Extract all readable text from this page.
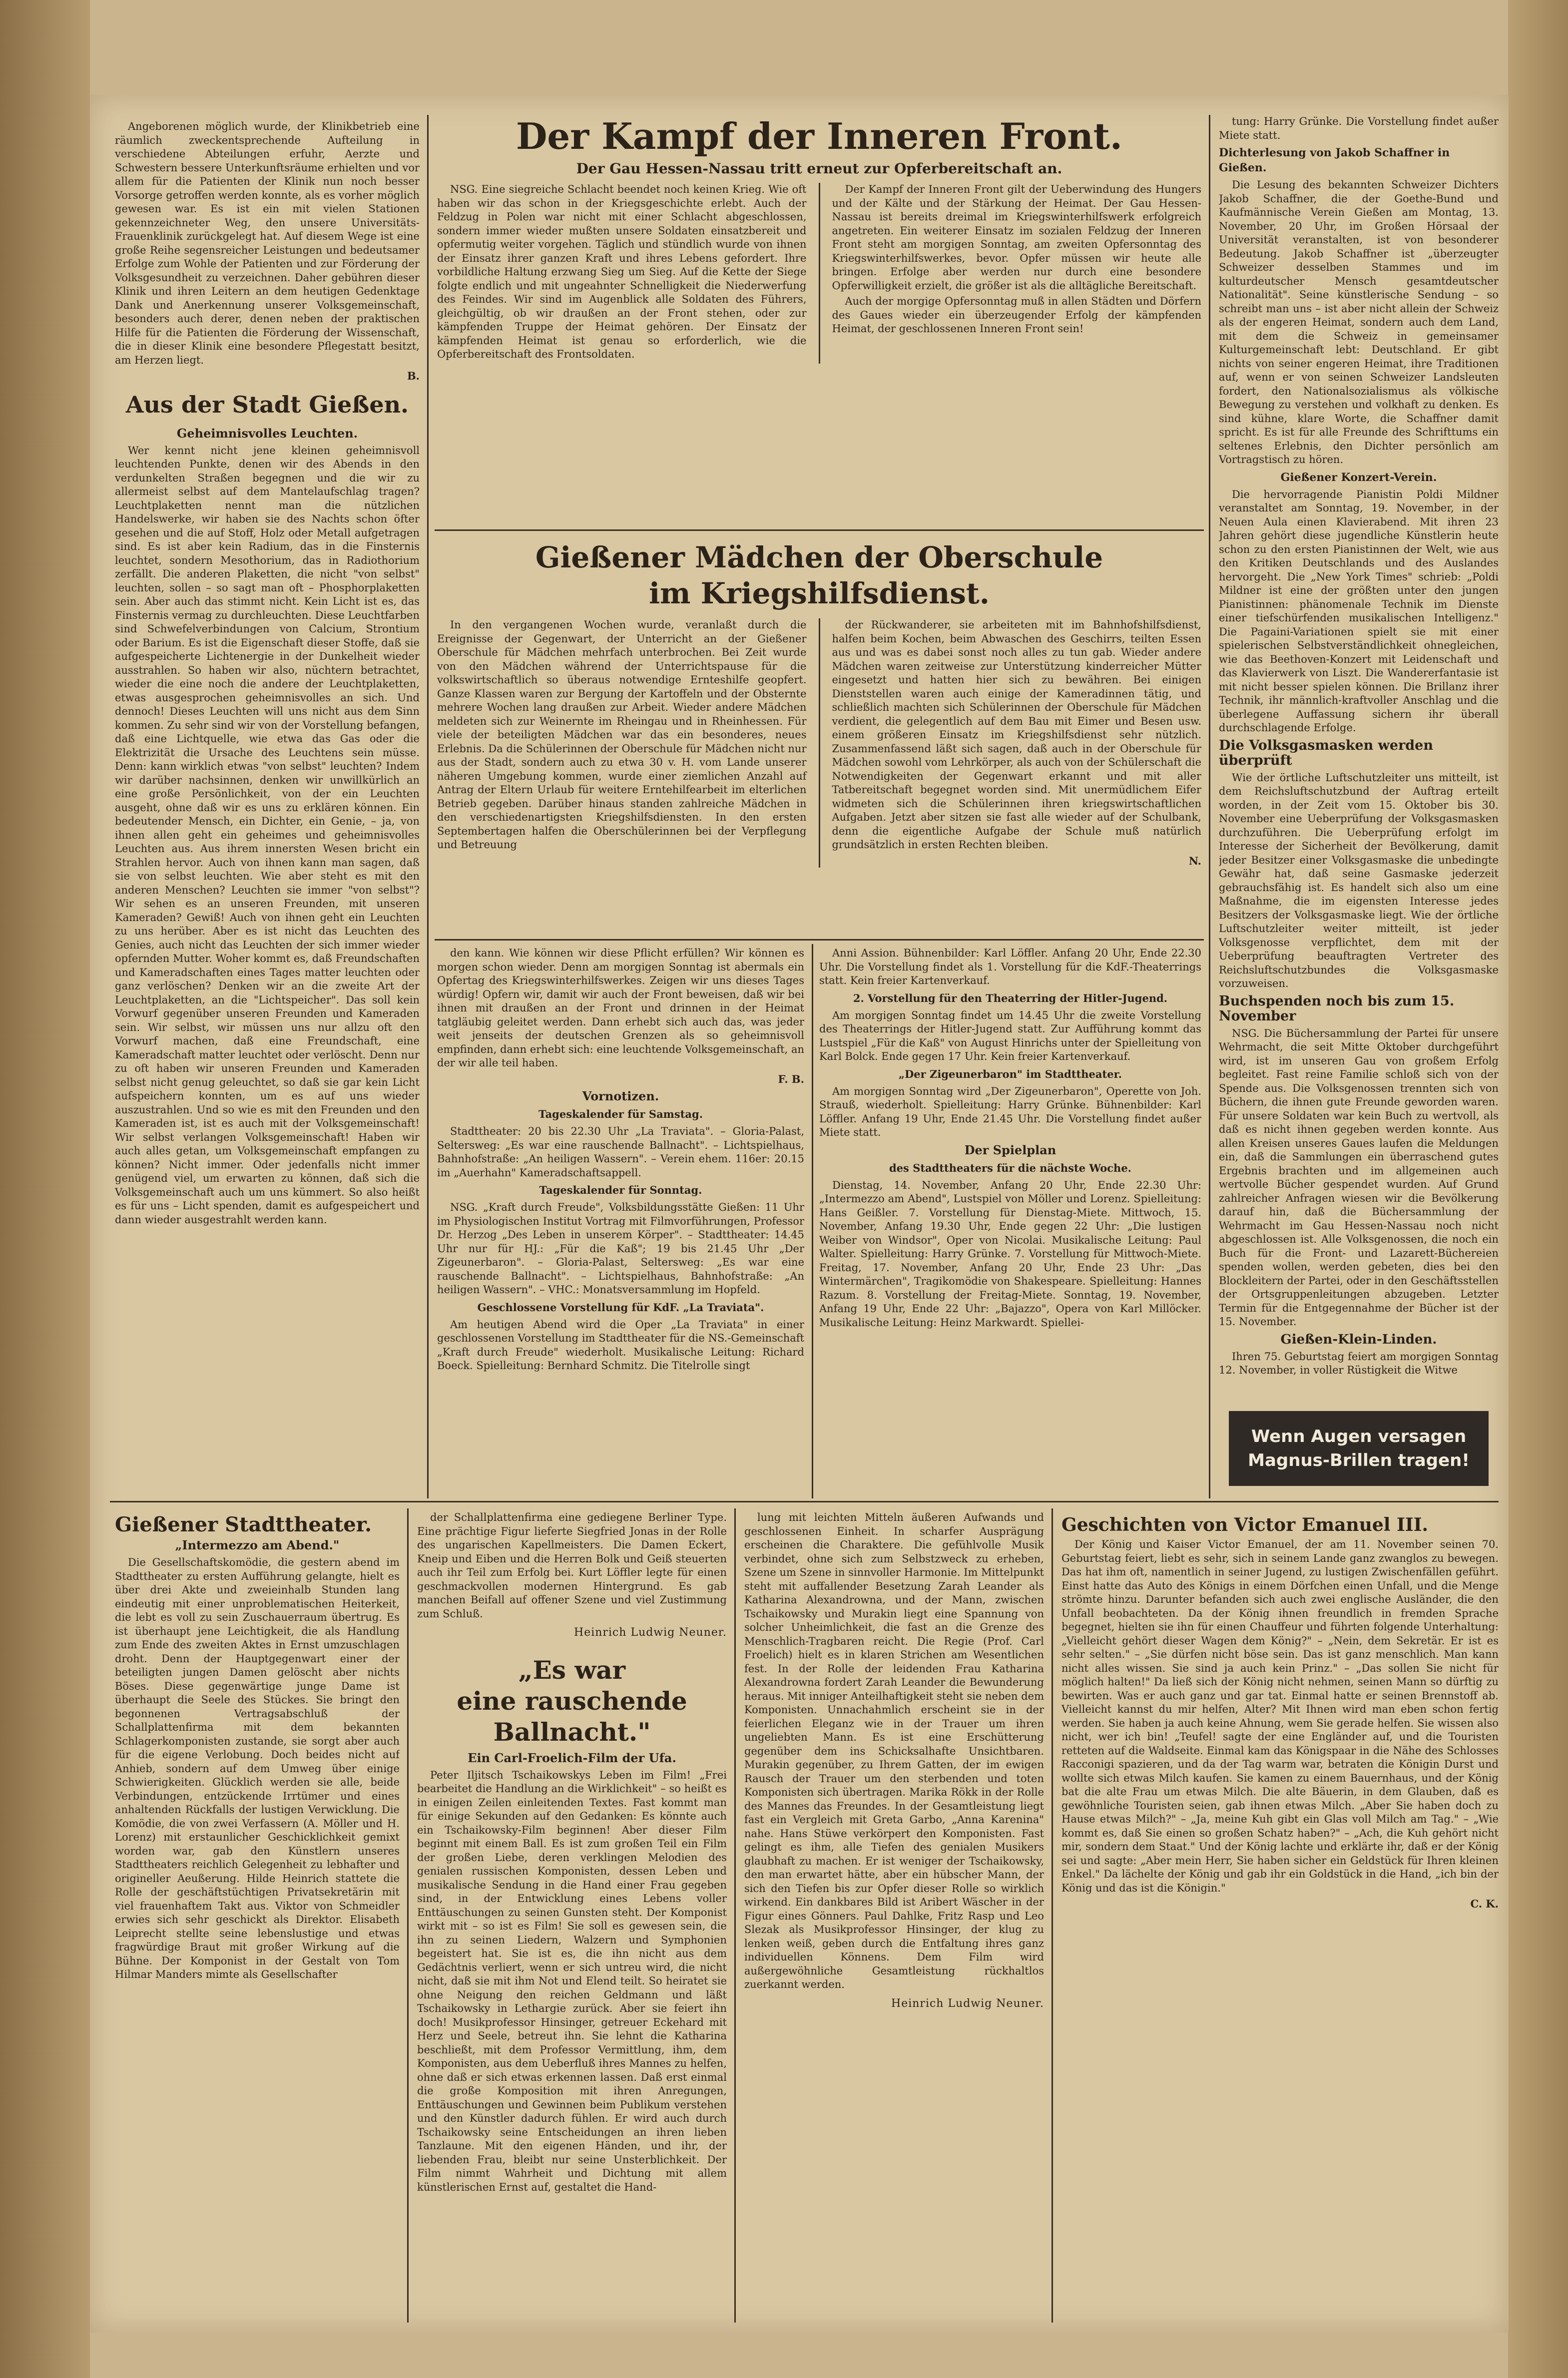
Angeborenen möglich wurde, der Klinikbetrieb eine räumlich zweckentsprechende Aufteilung in verschiedene Abteilungen erfuhr, Aerzte und Schwestern bessere Unterkunftsräume erhielten und vor allem für die Patienten der Klinik nun noch besser Vorsorge getroffen werden konnte, als es vorher möglich gewesen war. Es ist ein mit vielen Stationen gekennzeichneter Weg, den unsere Universitäts-Frauenklinik zurückgelegt hat. Auf diesem Wege ist eine große Reihe segensreicher Leistungen und bedeutsamer Erfolge zum Wohle der Patienten und zur Förderung der Volksgesundheit zu verzeichnen. Daher gebühren dieser Klinik und ihren Leitern an dem heutigen Gedenktage Dank und Anerkennung unserer Volksgemeinschaft, besonders auch derer, denen neben der praktischen Hilfe für die Patienten die Förderung der Wissenschaft, die in dieser Klinik eine besondere Pflegestatt besitzt, am Herzen liegt.

B.
Aus der Stadt Gießen.
Geheimnisvolles Leuchten.

Wer kennt nicht jene kleinen geheimnisvoll leuchtenden Punkte, denen wir des Abends in den verdunkelten Straßen begegnen und die wir zu allermeist selbst auf dem Mantelaufschlag tragen? Leuchtplaketten nennt man die nützlichen Handelswerke, wir haben sie des Nachts schon öfter gesehen und die auf Stoff, Holz oder Metall aufgetragen sind. Es ist aber kein Radium, das in die Finsternis leuchtet, sondern Mesothorium, das in Radiothorium zerfällt. Die anderen Plaketten, die nicht "von selbst" leuchten, sollen – so sagt man oft – Phosphorplaketten sein. Aber auch das stimmt nicht. Kein Licht ist es, das Finsternis vermag zu durchleuchten. Diese Leuchtfarben sind Schwefelverbindungen von Calcium, Strontium oder Barium. Es ist die Eigenschaft dieser Stoffe, daß sie aufgespeicherte Lichtenergie in der Dunkelheit wieder ausstrahlen. So haben wir also, nüchtern betrachtet, wieder die eine noch die andere der Leuchtplaketten, etwas ausgesprochen geheimnisvolles an sich. Und dennoch! Dieses Leuchten will uns nicht aus dem Sinn kommen. Zu sehr sind wir von der Vorstellung befangen, daß eine Lichtquelle, wie etwa das Gas oder die Elektrizität die Ursache des Leuchtens sein müsse. Denn: kann wirklich etwas "von selbst" leuchten? Indem wir darüber nachsinnen, denken wir unwillkürlich an eine große Persönlichkeit, von der ein Leuchten ausgeht, ohne daß wir es uns zu erklären können. Ein bedeutender Mensch, ein Dichter, ein Genie, – ja, von ihnen allen geht ein geheimes und geheimnisvolles Leuchten aus. Aus ihrem innersten Wesen bricht ein Strahlen hervor. Auch von ihnen kann man sagen, daß sie von selbst leuchten. Wie aber steht es mit den anderen Menschen? Leuchten sie immer "von selbst"? Wir sehen es an unseren Freunden, mit unseren Kameraden? Gewiß! Auch von ihnen geht ein Leuchten zu uns herüber. Aber es ist nicht das Leuchten des Genies, auch nicht das Leuchten der sich immer wieder opfernden Mutter. Woher kommt es, daß Freundschaften und Kameradschaften eines Tages matter leuchten oder ganz verlöschen? Denken wir an die zweite Art der Leuchtplaketten, an die "Lichtspeicher". Das soll kein Vorwurf gegenüber unseren Freunden und Kameraden sein. Wir selbst, wir müssen uns nur allzu oft den Vorwurf machen, daß eine Freundschaft, eine Kameradschaft matter leuchtet oder verlöscht. Denn nur zu oft haben wir unseren Freunden und Kameraden selbst nicht genug geleuchtet, so daß sie gar kein Licht aufspeichern konnten, um es auf uns wieder auszustrahlen. Und so wie es mit den Freunden und den Kameraden ist, ist es auch mit der Volksgemeinschaft! Wir selbst verlangen Volksgemeinschaft! Haben wir auch alles getan, um Volksgemeinschaft empfangen zu können? Nicht immer. Oder jedenfalls nicht immer genügend viel, um erwarten zu können, daß sich die Volksgemeinschaft auch um uns kümmert. So also heißt es für uns – Licht spenden, damit es aufgespeichert und dann wieder ausgestrahlt werden kann.

Der Kampf der Inneren Front.
Der Gau Hessen-Nassau tritt erneut zur Opferbereitschaft an.

NSG. Eine siegreiche Schlacht beendet noch keinen Krieg. Wie oft haben wir das schon in der Kriegsgeschichte erlebt. Auch der Feldzug in Polen war nicht mit einer Schlacht abgeschlossen, sondern immer wieder mußten unsere Soldaten einsatzbereit und opfermutig weiter vorgehen. Täglich und stündlich wurde von ihnen der Einsatz ihrer ganzen Kraft und ihres Lebens gefordert. Ihre vorbildliche Haltung erzwang Sieg um Sieg. Auf die Kette der Siege folgte endlich und mit ungeahnter Schnelligkeit die Niederwerfung des Feindes. Wir sind im Augenblick alle Soldaten des Führers, gleichgültig, ob wir draußen an der Front stehen, oder zur kämpfenden Truppe der Heimat gehören. Der Einsatz der kämpfenden Heimat ist genau so erforderlich, wie die Opferbereitschaft des Frontsoldaten.

Der Kampf der Inneren Front gilt der Ueberwindung des Hungers und der Kälte und der Stärkung der Heimat. Der Gau Hessen-Nassau ist bereits dreimal im Kriegswinterhilfswerk erfolgreich angetreten. Ein weiterer Einsatz im sozialen Feldzug der Inneren Front steht am morgigen Sonntag, am zweiten Opfersonntag des Kriegswinterhilfswerkes, bevor. Opfer müssen wir heute alle bringen. Erfolge aber werden nur durch eine besondere Opferwilligkeit erzielt, die größer ist als die alltägliche Bereitschaft.

Auch der morgige Opfersonntag muß in allen Städten und Dörfern des Gaues wieder ein überzeugender Erfolg der kämpfenden Heimat, der geschlossenen Inneren Front sein!

Gießener Mädchen der Oberschule
im Kriegshilfsdienst.

In den vergangenen Wochen wurde, veranlaßt durch die Ereignisse der Gegenwart, der Unterricht an der Gießener Oberschule für Mädchen mehrfach unterbrochen. Bei Zeit wurde von den Mädchen während der Unterrichtspause für die volkswirtschaftlich so überaus notwendige Ernteshilfe geopfert. Ganze Klassen waren zur Bergung der Kartoffeln und der Obsternte mehrere Wochen lang draußen zur Arbeit. Wieder andere Mädchen meldeten sich zur Weinernte im Rheingau und in Rheinhessen. Für viele der beteiligten Mädchen war das ein besonderes, neues Erlebnis. Da die Schülerinnen der Oberschule für Mädchen nicht nur aus der Stadt, sondern auch zu etwa 30 v. H. vom Lande unserer näheren Umgebung kommen, wurde einer ziemlichen Anzahl auf Antrag der Eltern Urlaub für weitere Erntehilfearbeit im elterlichen Betrieb gegeben. Darüber hinaus standen zahlreiche Mädchen in den verschiedenartigsten Kriegshilfsdiensten. In den ersten Septembertagen halfen die Oberschülerinnen bei der Verpflegung und Betreuung

der Rückwanderer, sie arbeiteten mit im Bahnhofshilfsdienst, halfen beim Kochen, beim Abwaschen des Geschirrs, teilten Essen aus und was es dabei sonst noch alles zu tun gab. Wieder andere Mädchen waren zeitweise zur Unterstützung kinderreicher Mütter eingesetzt und hatten hier sich zu bewähren. Bei einigen Dienststellen waren auch einige der Kameradinnen tätig, und schließlich machten sich Schülerinnen der Oberschule für Mädchen verdient, die gelegentlich auf dem Bau mit Eimer und Besen usw. einem größeren Einsatz im Kriegshilfsdienst sehr nützlich. Zusammenfassend läßt sich sagen, daß auch in der Oberschule für Mädchen sowohl vom Lehrkörper, als auch von der Schülerschaft die Notwendigkeiten der Gegenwart erkannt und mit aller Tatbereitschaft begegnet worden sind. Mit unermüdlichem Eifer widmeten sich die Schülerinnen ihren kriegswirtschaftlichen Aufgaben. Jetzt aber sitzen sie fast alle wieder auf der Schulbank, denn die eigentliche Aufgabe der Schule muß natürlich grundsätzlich in ersten Rechten bleiben.

N.

den kann. Wie können wir diese Pflicht erfüllen? Wir können es morgen schon wieder. Denn am morgigen Sonntag ist abermals ein Opfertag des Kriegswinterhilfswerkes. Zeigen wir uns dieses Tages würdig! Opfern wir, damit wir auch der Front beweisen, daß wir bei ihnen mit draußen an der Front und drinnen in der Heimat tatgläubig geleitet werden. Dann erhebt sich auch das, was jeder weit jenseits der deutschen Grenzen als so geheimnisvoll empfinden, dann erhebt sich: eine leuchtende Volksgemeinschaft, an der wir alle teil haben.

F. B.
Vornotizen.
Tageskalender für Samstag.

Stadttheater: 20 bis 22.30 Uhr „La Traviata". – Gloria-Palast, Seltersweg: „Es war eine rauschende Ballnacht". – Lichtspielhaus, Bahnhofstraße: „An heiligen Wassern". – Verein ehem. 116er: 20.15 im „Auerhahn" Kameradschaftsappell.

Tageskalender für Sonntag.

NSG. „Kraft durch Freude", Volksbildungsstätte Gießen: 11 Uhr im Physiologischen Institut Vortrag mit Filmvorführungen, Professor Dr. Herzog „Des Leben in unserem Körper". – Stadttheater: 14.45 Uhr nur für HJ.: „Für die Kaß"; 19 bis 21.45 Uhr „Der Zigeunerbaron". – Gloria-Palast, Seltersweg: „Es war eine rauschende Ballnacht". – Lichtspielhaus, Bahnhofstraße: „An heiligen Wassern". – VHC.: Monatsversammlung im Hopfeld.

Geschlossene Vorstellung für KdF. „La Traviata".

Am heutigen Abend wird die Oper „La Traviata" in einer geschlossenen Vorstellung im Stadttheater für die NS.-Gemeinschaft „Kraft durch Freude" wiederholt. Musikalische Leitung: Richard Boeck. Spielleitung: Bernhard Schmitz. Die Titelrolle singt

Anni Assion. Bühnenbilder: Karl Löffler. Anfang 20 Uhr, Ende 22.30 Uhr. Die Vorstellung findet als 1. Vorstellung für die KdF.-Theaterrings statt. Kein freier Kartenverkauf.

2. Vorstellung für den Theaterring der Hitler-Jugend.

Am morgigen Sonntag findet um 14.45 Uhr die zweite Vorstellung des Theaterrings der Hitler-Jugend statt. Zur Aufführung kommt das Lustspiel „Für die Kaß" von August Hinrichs unter der Spielleitung von Karl Bolck. Ende gegen 17 Uhr. Kein freier Kartenverkauf.

„Der Zigeunerbaron" im Stadttheater.

Am morgigen Sonntag wird „Der Zigeunerbaron", Operette von Joh. Strauß, wiederholt. Spielleitung: Harry Grünke. Bühnenbilder: Karl Löffler. Anfang 19 Uhr, Ende 21.45 Uhr. Die Vorstellung findet außer Miete statt.

Der Spielplan
des Stadttheaters für die nächste Woche.

Dienstag, 14. November, Anfang 20 Uhr, Ende 22.30 Uhr: „Intermezzo am Abend", Lustspiel von Möller und Lorenz. Spielleitung: Hans Geißler. 7. Vorstellung für Dienstag-Miete. Mittwoch, 15. November, Anfang 19.30 Uhr, Ende gegen 22 Uhr: „Die lustigen Weiber von Windsor", Oper von Nicolai. Musikalische Leitung: Paul Walter. Spielleitung: Harry Grünke. 7. Vorstellung für Mittwoch-Miete. Freitag, 17. November, Anfang 20 Uhr, Ende 23 Uhr: „Das Wintermärchen", Tragikomödie von Shakespeare. Spielleitung: Hannes Razum. 8. Vorstellung der Freitag-Miete. Sonntag, 19. November, Anfang 19 Uhr, Ende 22 Uhr: „Bajazzo", Opera von Karl Millöcker. Musikalische Leitung: Heinz Markwardt. Spiellei-

tung: Harry Grünke. Die Vorstellung findet außer Miete statt.

Dichterlesung von Jakob Schaffner in Gießen.

Die Lesung des bekannten Schweizer Dichters Jakob Schaffner, die der Goethe-Bund und Kaufmännische Verein Gießen am Montag, 13. November, 20 Uhr, im Großen Hörsaal der Universität veranstalten, ist von besonderer Bedeutung. Jakob Schaffner ist „überzeugter Schweizer desselben Stammes und im kulturdeutscher Mensch gesamtdeutscher Nationalität". Seine künstlerische Sendung – so schreibt man uns – ist aber nicht allein der Schweiz als der engeren Heimat, sondern auch dem Land, mit dem die Schweiz in gemeinsamer Kulturgemeinschaft lebt: Deutschland. Er gibt nichts von seiner engeren Heimat, ihre Traditionen auf, wenn er von seinen Schweizer Landsleuten fordert, den Nationalsozialismus als völkische Bewegung zu verstehen und volkhaft zu denken. Es sind kühne, klare Worte, die Schaffner damit spricht. Es ist für alle Freunde des Schrifttums ein seltenes Erlebnis, den Dichter persönlich am Vortragstisch zu hören.

Gießener Konzert-Verein.

Die hervorragende Pianistin Poldi Mildner veranstaltet am Sonntag, 19. November, in der Neuen Aula einen Klavierabend. Mit ihren 23 Jahren gehört diese jugendliche Künstlerin heute schon zu den ersten Pianistinnen der Welt, wie aus den Kritiken Deutschlands und des Auslandes hervorgeht. Die „New York Times" schrieb: „Poldi Mildner ist eine der größten unter den jungen Pianistinnen: phänomenale Technik im Dienste einer tiefschürfenden musikalischen Intelligenz." Die Pagaini-Variationen spielt sie mit einer spielerischen Selbstverständlichkeit ohnegleichen, wie das Beethoven-Konzert mit Leidenschaft und das Klavierwerk von Liszt. Die Wandererfantasie ist mit nicht besser spielen können. Die Brillanz ihrer Technik, ihr männlich-kraftvoller Anschlag und die überlegene Auffassung sichern ihr überall durchschlagende Erfolge.

Die Volksgasmasken werden überprüft

Wie der örtliche Luftschutzleiter uns mitteilt, ist dem Reichsluftschutzbund der Auftrag erteilt worden, in der Zeit vom 15. Oktober bis 30. November eine Ueberprüfung der Volksgasmasken durchzuführen. Die Ueberprüfung erfolgt im Interesse der Sicherheit der Bevölkerung, damit jeder Besitzer einer Volksgasmaske die unbedingte Gewähr hat, daß seine Gasmaske jederzeit gebrauchsfähig ist. Es handelt sich also um eine Maßnahme, die im eigensten Interesse jedes Besitzers der Volksgasmaske liegt. Wie der örtliche Luftschutzleiter weiter mitteilt, ist jeder Volksgenosse verpflichtet, dem mit der Ueberprüfung beauftragten Vertreter des Reichsluftschutzbundes die Volksgasmaske vorzuweisen.

Buchspenden noch bis zum 15. November

NSG. Die Büchersammlung der Partei für unsere Wehrmacht, die seit Mitte Oktober durchgeführt wird, ist im unseren Gau von großem Erfolg begleitet. Fast reine Familie schloß sich von der Spende aus. Die Volksgenossen trennten sich von Büchern, die ihnen gute Freunde geworden waren. Für unsere Soldaten war kein Buch zu wertvoll, als daß es nicht ihnen gegeben werden konnte. Aus allen Kreisen unseres Gaues laufen die Meldungen ein, daß die Sammlungen ein überraschend gutes Ergebnis brachten und im allgemeinen auch wertvolle Bücher gespendet wurden. Auf Grund zahlreicher Anfragen wiesen wir die Bevölkerung darauf hin, daß die Büchersammlung der Wehrmacht im Gau Hessen-Nassau noch nicht abgeschlossen ist. Alle Volksgenossen, die noch ein Buch für die Front- und Lazarett-Büchereien spenden wollen, werden gebeten, dies bei den Blockleitern der Partei, oder in den Geschäftsstellen der Ortsgruppenleitungen abzugeben. Letzter Termin für die Entgegennahme der Bücher ist der 15. November.

Gießen-Klein-Linden.

Ihren 75. Geburtstag feiert am morgigen Sonntag 12. November, in voller Rüstigkeit die Witwe

Wenn Augen versagen
Magnus-Brillen tragen!
Gießener Stadttheater.
„Intermezzo am Abend."

Die Gesellschaftskomödie, die gestern abend im Stadttheater zu ersten Aufführung gelangte, hielt es über drei Akte und zweieinhalb Stunden lang eindeutig mit einer unproblematischen Heiterkeit, die lebt es voll zu sein Zuschauerraum übertrug. Es ist überhaupt jene Leichtigkeit, die als Handlung zum Ende des zweiten Aktes in Ernst umzuschlagen droht. Denn der Hauptgegenwart einer der beteiligten jungen Damen gelöscht aber nichts Böses. Diese gegenwärtige junge Dame ist überhaupt die Seele des Stückes. Sie bringt den begonnenen Vertragsabschluß der Schallplattenfirma mit dem bekannten Schlagerkomponisten zustande, sie sorgt aber auch für die eigene Verlobung. Doch beides nicht auf Anhieb, sondern auf dem Umweg über einige Schwierigkeiten. Glücklich werden sie alle, beide Verbindungen, entzückende Irrtümer und eines anhaltenden Rückfalls der lustigen Verwicklung. Die Komödie, die von zwei Verfassern (A. Möller und H. Lorenz) mit erstaunlicher Geschicklichkeit gemixt worden war, gab den Künstlern unseres Stadttheaters reichlich Gelegenheit zu lebhafter und origineller Aeußerung. Hilde Heinrich stattete die Rolle der geschäftstüchtigen Privatsekretärin mit viel frauenhaftem Takt aus. Viktor von Schmeidler erwies sich sehr geschickt als Direktor. Elisabeth Leiprecht stellte seine lebenslustige und etwas fragwürdige Braut mit großer Wirkung auf die Bühne. Der Komponist in der Gestalt von Tom Hilmar Manders mimte als Gesellschafter

der Schallplattenfirma eine gediegene Berliner Type. Eine prächtige Figur lieferte Siegfried Jonas in der Rolle des ungarischen Kapellmeisters. Die Damen Eckert, Kneip und Eiben und die Herren Bolk und Geiß steuerten auch ihr Teil zum Erfolg bei. Kurt Löffler legte für einen geschmackvollen modernen Hintergrund. Es gab manchen Beifall auf offener Szene und viel Zustimmung zum Schluß.

Heinrich Ludwig Neuner.
„Es war
eine rauschende Ballnacht."
Ein Carl-Froelich-Film der Ufa.

Peter Iljitsch Tschaikowskys Leben im Film! „Frei bearbeitet die Handlung an die Wirklichkeit" – so heißt es in einigen Zeilen einleitenden Textes. Fast kommt man für einige Sekunden auf den Gedanken: Es könnte auch ein Tschaikowsky-Film beginnen! Aber dieser Film beginnt mit einem Ball. Es ist zum großen Teil ein Film der großen Liebe, deren verklingen Melodien des genialen russischen Komponisten, dessen Leben und musikalische Sendung in die Hand einer Frau gegeben sind, in der Entwicklung eines Lebens voller Enttäuschungen zu seinen Gunsten steht. Der Komponist wirkt mit – so ist es Film! Sie soll es gewesen sein, die ihn zu seinen Liedern, Walzern und Symphonien begeistert hat. Sie ist es, die ihn nicht aus dem Gedächtnis verliert, wenn er sich untreu wird, die nicht nicht, daß sie mit ihm Not und Elend teilt. So heiratet sie ohne Neigung den reichen Geldmann und läßt Tschaikowsky in Lethargie zurück. Aber sie feiert ihn doch! Musikprofessor Hinsinger, getreuer Eckehard mit Herz und Seele, betreut ihn. Sie lehnt die Katharina beschließt, mit dem Professor Vermittlung, ihm, dem Komponisten, aus dem Ueberfluß ihres Mannes zu helfen, ohne daß er sich etwas erkennen lassen. Daß erst einmal die große Komposition mit ihren Anregungen, Enttäuschungen und Gewinnen beim Publikum verstehen und den Künstler dadurch fühlen. Er wird auch durch Tschaikowsky seine Entscheidungen an ihren lieben Tanzlaune. Mit den eigenen Händen, und ihr, der liebenden Frau, bleibt nur seine Unsterblichkeit. Der Film nimmt Wahrheit und Dichtung mit allem künstlerischen Ernst auf, gestaltet die Hand-

lung mit leichten Mitteln äußeren Aufwands und geschlossenen Einheit. In scharfer Ausprägung erscheinen die Charaktere. Die gefühlvolle Musik verbindet, ohne sich zum Selbstzweck zu erheben, Szene um Szene in sinnvoller Harmonie. Im Mittelpunkt steht mit auffallender Besetzung Zarah Leander als Katharina Alexandrowna, und der Mann, zwischen Tschaikowsky und Murakin liegt eine Spannung von solcher Unheimlichkeit, die fast an die Grenze des Menschlich-Tragbaren reicht. Die Regie (Prof. Carl Froelich) hielt es in klaren Strichen am Wesentlichen fest. In der Rolle der leidenden Frau Katharina Alexandrowna fordert Zarah Leander die Bewunderung heraus. Mit inniger Anteilhaftigkeit steht sie neben dem Komponisten. Unnachahmlich erscheint sie in der feierlichen Eleganz wie in der Trauer um ihren ungeliebten Mann. Es ist eine Erschütterung gegenüber dem ins Schicksalhafte Unsichtbaren. Murakin gegenüber, zu Ihrem Gatten, der im ewigen Rausch der Trauer um den sterbenden und toten Komponisten sich übertragen. Marika Rökk in der Rolle des Mannes das Freundes. In der Gesamtleistung liegt fast ein Vergleich mit Greta Garbo, „Anna Karenina" nahe. Hans Stüwe verkörpert den Komponisten. Fast gelingt es ihm, alle Tiefen des genialen Musikers glaubhaft zu machen. Er ist weniger der Tschaikowsky, den man erwartet hätte, aber ein hübscher Mann, der sich den Tiefen bis zur Opfer dieser Rolle so wirklich wirkend. Ein dankbares Bild ist Aribert Wäscher in der Figur eines Gönners. Paul Dahlke, Fritz Rasp und Leo Slezak als Musikprofessor Hinsinger, der klug zu lenken weiß, geben durch die Entfaltung ihres ganz individuellen Könnens. Dem Film wird außergewöhnliche Gesamtleistung rückhaltlos zuerkannt werden.

Heinrich Ludwig Neuner.
Geschichten von Victor Emanuel III.

Der König und Kaiser Victor Emanuel, der am 11. November seinen 70. Geburtstag feiert, liebt es sehr, sich in seinem Lande ganz zwanglos zu bewegen. Das hat ihm oft, namentlich in seiner Jugend, zu lustigen Zwischenfällen geführt. Einst hatte das Auto des Königs in einem Dörfchen einen Unfall, und die Menge strömte hinzu. Darunter befanden sich auch zwei englische Ausländer, die den Unfall beobachteten. Da der König ihnen freundlich in fremden Sprache begegnet, hielten sie ihn für einen Chauffeur und führten folgende Unterhaltung: „Vielleicht gehört dieser Wagen dem König?" – „Nein, dem Sekretär. Er ist es sehr selten." – „Sie dürfen nicht böse sein. Das ist ganz menschlich. Man kann nicht alles wissen. Sie sind ja auch kein Prinz." – „Das sollen Sie nicht für möglich halten!" Da ließ sich der König nicht nehmen, seinen Mann so dürftig zu bewirten. Was er auch ganz und gar tat. Einmal hatte er seinen Brennstoff ab. Vielleicht kannst du mir helfen, Alter? Mit Ihnen wird man eben schon fertig werden. Sie haben ja auch keine Ahnung, wem Sie gerade helfen. Sie wissen also nicht, wer ich bin! „Teufel! sagte der eine Engländer auf, und die Touristen retteten auf die Waldseite. Einmal kam das Königspaar in die Nähe des Schlosses Racconigi spazieren, und da der Tag warm war, betraten die Königin Durst und wollte sich etwas Milch kaufen. Sie kamen zu einem Bauernhaus, und der König bat die alte Frau um etwas Milch. Die alte Bäuerin, in dem Glauben, daß es gewöhnliche Touristen seien, gab ihnen etwas Milch. „Aber Sie haben doch zu Hause etwas Milch?" – „Ja, meine Kuh gibt ein Glas voll Milch am Tag." – „Wie kommt es, daß Sie einen so großen Schatz haben?" – „Ach, die Kuh gehört nicht mir, sondern dem Staat." Und der König lachte und erklärte ihr, daß er der König sei und sagte: „Aber mein Herr, Sie haben sicher ein Geldstück für Ihren kleinen Enkel." Da lächelte der König und gab ihr ein Goldstück in die Hand, „ich bin der König und das ist die Königin."

C. K.
